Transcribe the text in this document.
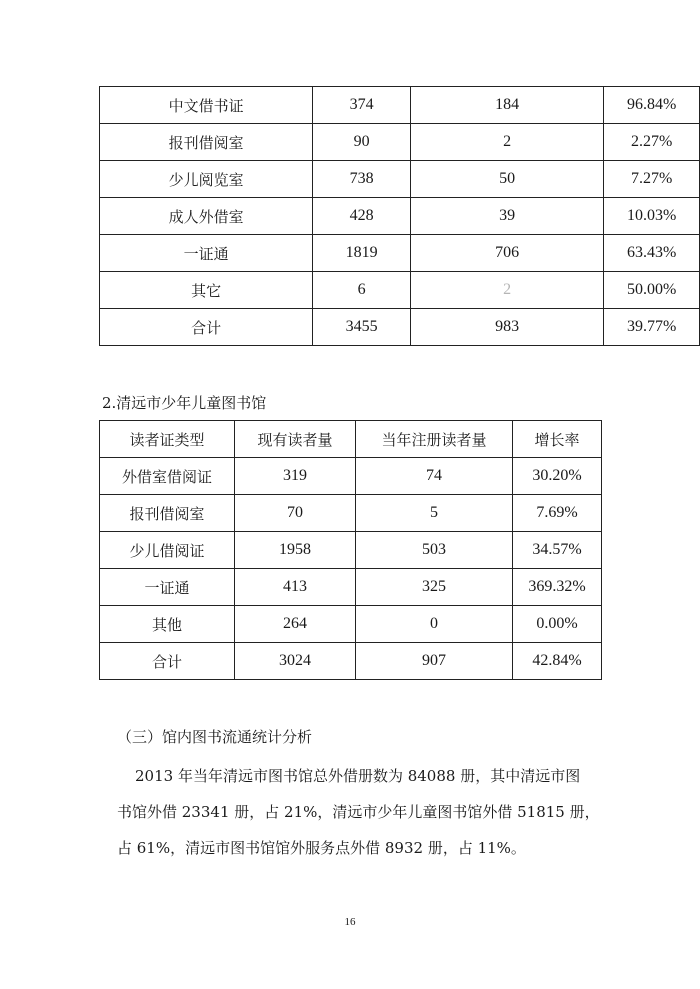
中文借书证	374	184	96.84%
报刊借阅室	90	2	2.27%
少儿阅览室	738	50	7.27%
成人外借室	428	39	10.03%
一证通	1819	706	63.43%
其它	6	2	50.00%
合计	3455	983	39.77%
2.清远市少年儿童图书馆
读者证类型	现有读者量	当年注册读者量	增长率
外借室借阅证	319	74	30.20%
报刊借阅室	70	5	7.69%
少儿借阅证	1958	503	34.57%
一证通	413	325	369.32%
其他	264	0	0.00%
合计	3024	907	42.84%
（三）馆内图书流通统计分析
2013 年当年清远市图书馆总外借册数为 84088 册，其中清远市图
书馆外借 23341 册，占 21%，清远市少年儿童图书馆外借 51815 册，
占 61%，清远市图书馆馆外服务点外借 8932 册，占 11%。
16
